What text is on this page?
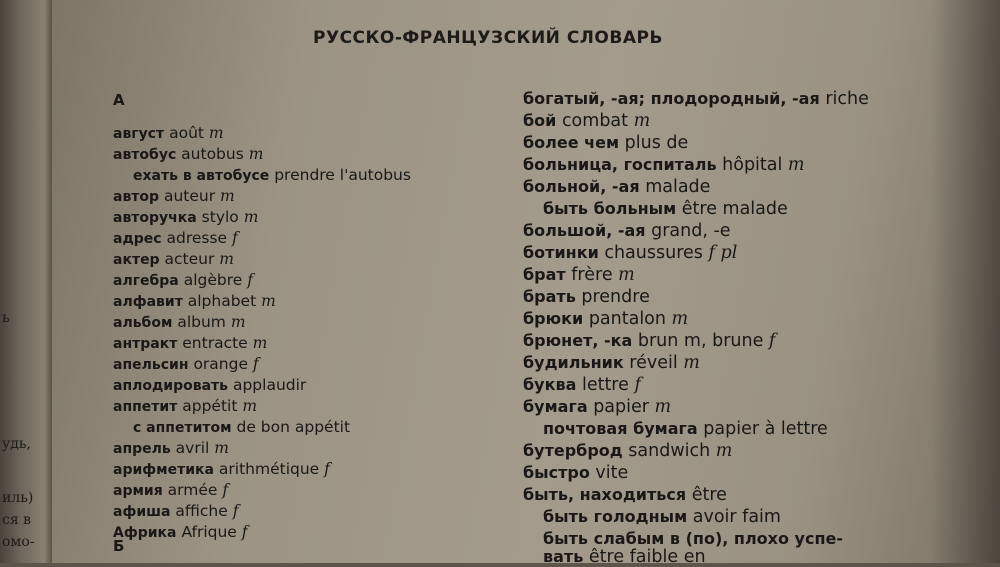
ь
удь,
иль)
ся в
омо-
РУССКО-ФРАНЦУЗСКИЙ СЛОВАРЬ
А
август août m
автобус autobus m
ехать в автобусе prendre l'autobus
автор auteur m
авторучка stylo m
адрес adresse f
актер acteur m
алгебра algèbre f
алфавит alphabet m
альбом album m
антракт entracte m
апельсин orange f
аплодировать applaudir
аппетит appétit m
с аппетитом de bon appétit
апрель avril m
арифметика arithmétique f
армия armée f
афиша affiche f
Африка Afrique f
Б
богатый, -ая; плодородный, -ая riche
бой combat m
более чем plus de
больница, госпиталь hôpital m
больной, -ая malade
быть больным être malade
большой, -ая grand, -e
ботинки chaussures f pl
брат frère m
брать prendre
брюки pantalon m
брюнет, -ка brun m, brune f
будильник réveil m
буква lettre f
бумага papier m
почтовая бумага papier à lettre
бутерброд sandwich m
быстро vite
быть, находиться être
быть голодным avoir faim
быть слабым в (по), плохо успе-
вать être faible en
